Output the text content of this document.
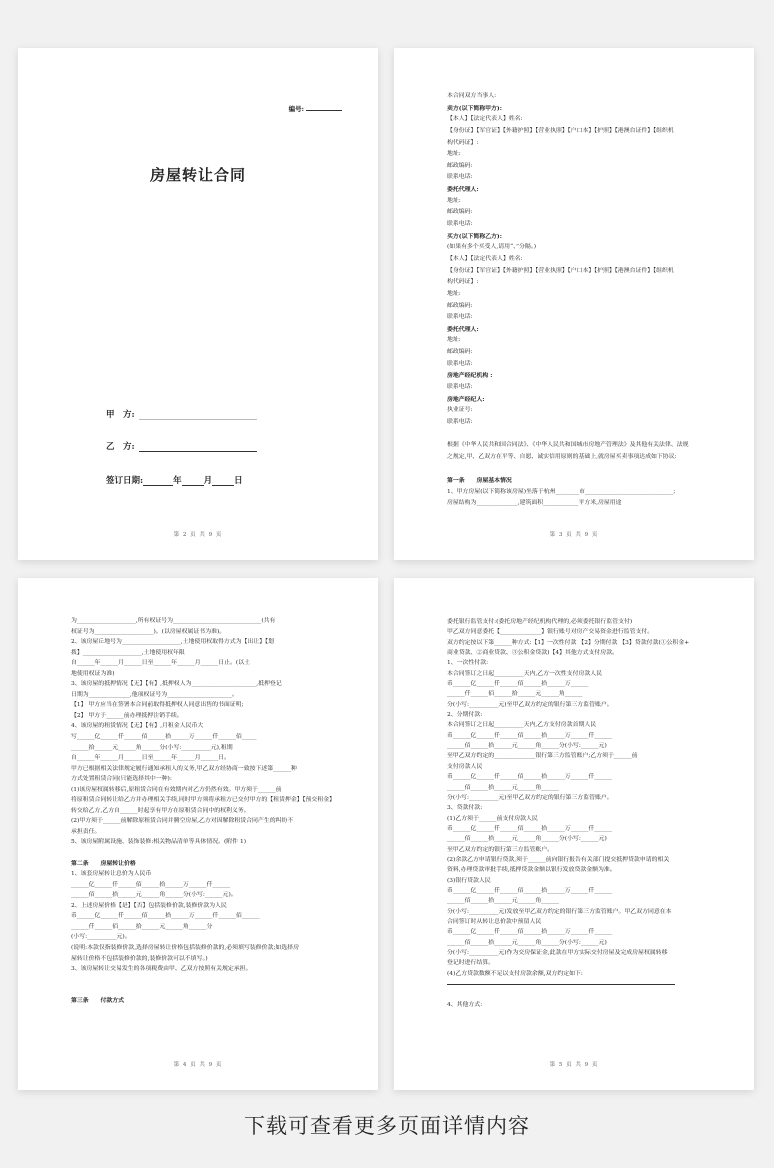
编号:
房屋转让合同
甲　方:
乙　方:
签订日期:	年	月	日
第 2 页 共 9 页
本合同双方当事人:
卖方(以下简称甲方):
【本人】【法定代表人】姓名:
【身份证】【军官证】【外籍护照】【营业执照】【户口本】【护照】【港澳台证件】【组织机
构代码证】:
地址:
邮政编码:
联系电话:
委托代理人:
地址:
邮政编码:
联系电话:
买方(以下简称乙方):
(如果有多个买受人,请用“、”分隔。)
【本人】【法定代表人】姓名:
【身份证】【军官证】【外籍护照】【营业执照】【户口本】【护照】【港澳台证件】【组织机
构代码证】:
地址:
邮政编码:
联系电话:
委托代理人:
地址:
邮政编码:
联系电话:
房地产经纪机构 :
联系电话:
房地产经纪人:
执业证号:
联系电话:
根据《中华人民共和国合同法》、《中华人民共和国城市房地产管理法》及其他有关法律、法规
之规定,甲、乙双方在平等、自愿、诚实信用原则的基础上,就房屋买卖事项达成如下协议:
第一条　　房屋基本情况
1、甲方房屋(以下简称该房屋)坐落于杭州________市______________________________;
房屋结构为______________,建筑面积____________平方米,房屋用途
第 3 页 共 9 页
为____________________,所有权证号为______________________________(共有
权证号为____________________)。(以房屋权属证书为准)。
2、该房屋丘地号为____________________,土地使用权取得方式为【出让】【划
拨】____________________,土地使用权年限
自______年______月______日至______年______月______日止。(以土
地使用权证为准)
3、该房屋的抵押情况【无】【有】,抵押权人为______________________,抵押登记
日期为______________,他项权证号为______________________。
【1】 甲方应当在签署本合同前取得抵押权人同意出售的书面证明;
【2】 甲方于______前办理抵押注销手续。
4、该房屋的租赁情况【无】【有】,月租金人民币大
写______亿______仟______佰______拾______万______仟______佰_____
______拾______元______角______分(小写:__________元),租期
自______年______月______日至______年______月______日。
甲方已根据相关法律规定履行通知承租人的义务,甲乙双方经协商一致按下述第______种
方式处置租赁合同(只能选择其中一种):
(1)该房屋权属转移后,原租赁合同在有效期内对乙方仍然有效。甲方须于______前
将原租赁合同转让给乙方并办理相关手续,同时甲方须将承租方已交付甲方的【租赁押金】【预交租金】
转交给乙方,乙方自______时起享有甲方在原租赁合同中的权利义务。
(2)甲方须于______前解除原租赁合同并腾空房屋,乙方对因解除租赁合同产生的纠纷不
承担责任。
5、该房屋附属设施、装饰装修:相关物品清单等具体情况。(附件 1)
第二条　　房屋转让价格
1、该套房屋转让总价为人民币
______亿______仟______佰______拾______万______仟______
______佰______拾______元______角______分(小写:______元)。
2、上述房屋价格【是】【否】包括装修价款,装修价款为人民
币______亿______仟______佰______拾______万______仟______佰______
______仟______佰______拾______元______角______分
(小写:__________元)。
(说明:本款仅指装修价款,选择房屋转让价格包括装修价款的,必须填写装修价款;如选择房
屋转让价格不包括装修价款的,装修价款可以不填写。)
3、该房屋转让交易发生的各项税费由甲、乙双方按照有关规定承担。
第三条　　付款方式
第 4 页 共 9 页
委托银行监管支付:(委托房地产经纪机构代理的,必须委托银行监管支付)
甲乙双方同意委托【______________】银行账号对房产交易资金进行监管支付。
双方约定按以下第______种方式:【1】一次性付款 【2】分期付款 【3】贷款付款(①公积金+
商业贷款、②商业贷款、③公积金贷款)【4】其他方式支付房款。
1、一次性付款:
本合同签订之日起__________天内,乙方一次性支付房款人民
币______亿______仟______佰______拾______万______
______仟______佰______拾______元______角______
分(小写:__________元)至甲乙双方约定的银行第三方监管账户。
2、分期付款:
本合同签订之日起__________天内,乙方支付房款首期人民
币______亿______仟______佰______拾______万______仟______
______佰______拾______元______角______分(小写:______元)
至甲乙双方约定的______________银行第三方监管账户;乙方须于______前
支付房款人民
币______亿______仟______佰______拾______万______仟______
______佰______拾______元______角______
分(小写:__________元)至甲乙双方约定的银行第三方监管账户。
3、贷款付款:
(1)乙方须于______前支付房款人民
币______亿______仟______佰______拾______万______仟______
______佰______拾______元______角______分(小写:______元)
至甲乙双方约定的银行第三方监管账户。
(2)余款乙方申请银行贷款,须于______前向银行报告有关部门提交抵押贷款申请的相关
资料,办理贷款审批手续,抵押贷款金额以银行发放贷款金额为准。
(3)银行贷款人民
币______亿______仟______佰______拾______万______仟______
______佰______拾______元______角______
分(小写:__________元)发放至甲乙双方约定的银行第三方监管账户。甲乙双方同意在本
合同签订时从转让总价款中预留人民
币______亿______仟______佰______拾______万______仟______
______佰______拾______元______角______分(小写:______元)
分(小写:__________元)作为交房保证金,此款在甲方实际交付房屋及完成房屋权属转移
登记时进行结算。
(4)乙方贷款数额不足以支付房款余额,双方约定如下:
4、其他方式:
第 5 页 共 9 页
下载可查看更多页面详情内容
